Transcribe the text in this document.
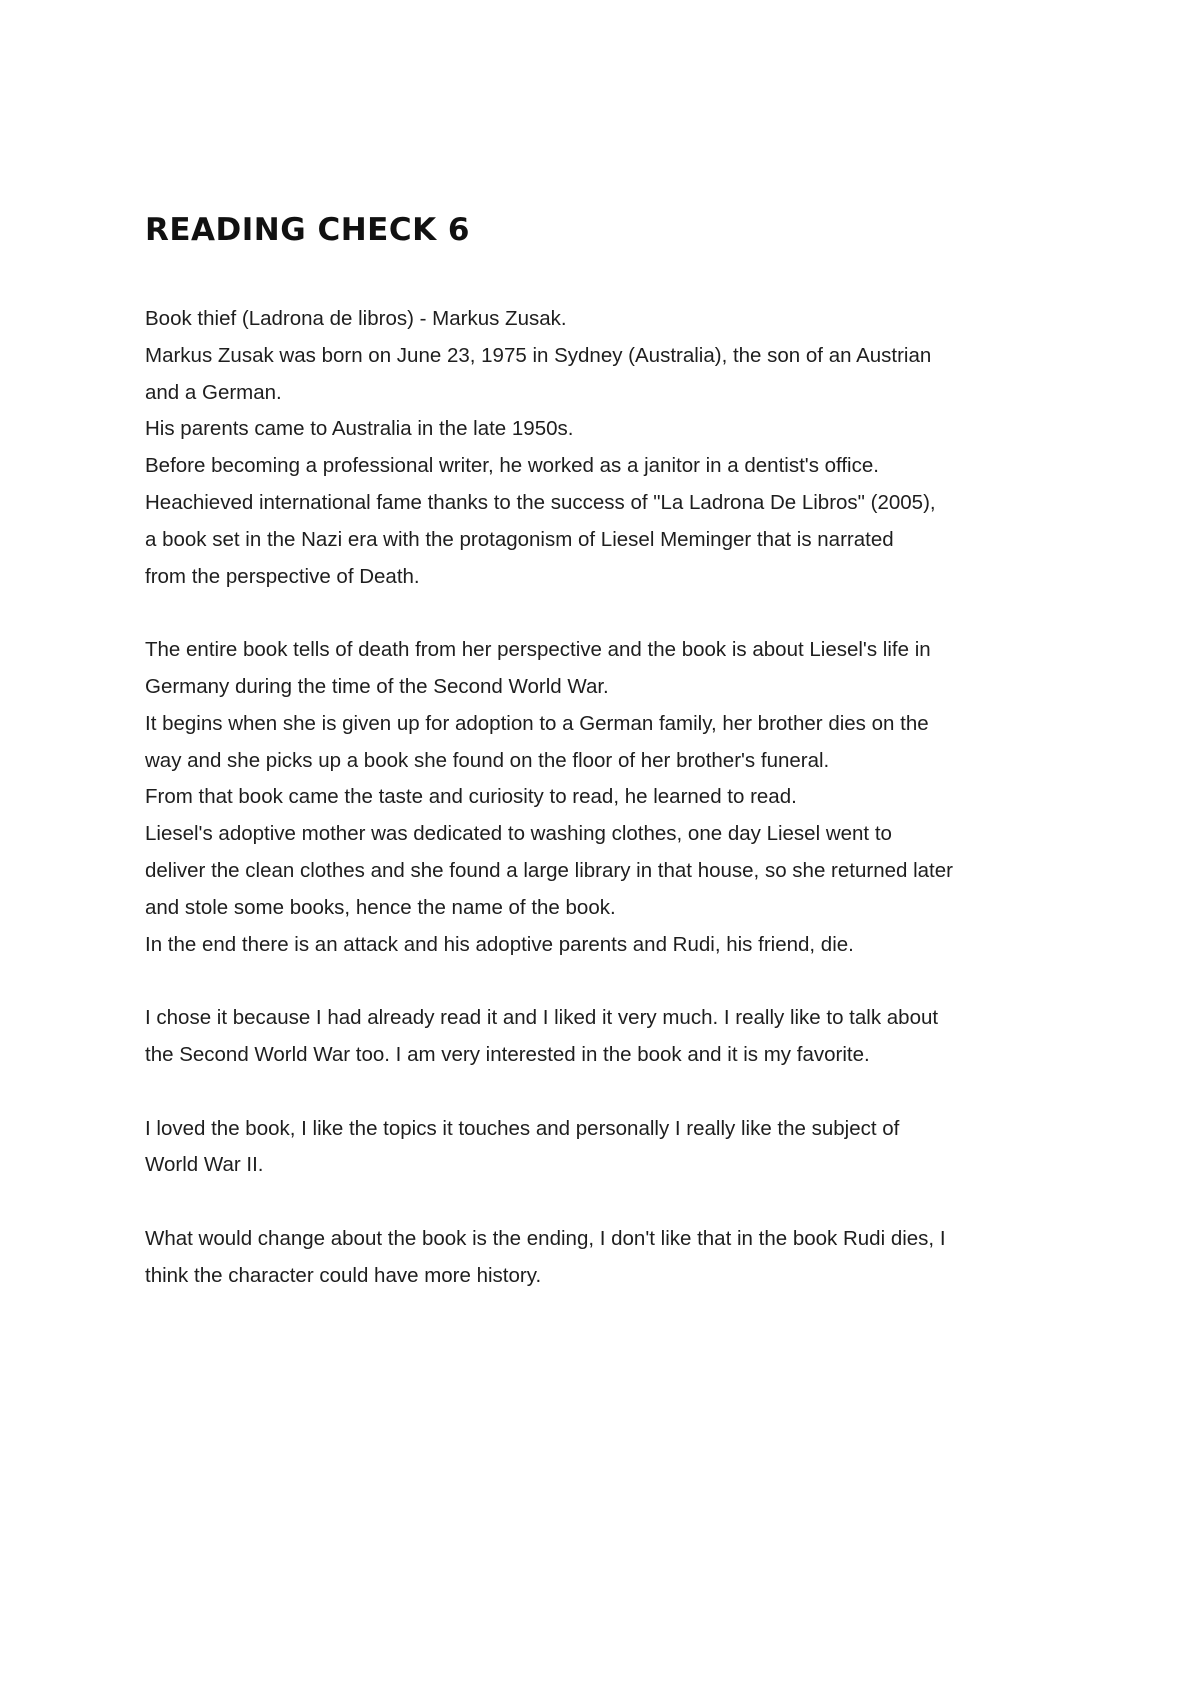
READING CHECK 6
Book thief (Ladrona de libros) - Markus Zusak.
Markus Zusak was born on June 23, 1975 in Sydney (Australia), the son of an Austrian
and a German.
His parents came to Australia in the late 1950s.
Before becoming a professional writer, he worked as a janitor in a dentist's office.
Heachieved international fame thanks to the success of "La Ladrona De Libros" (2005),
a book set in the Nazi era with the protagonism of Liesel Meminger that is narrated
from the perspective of Death.
The entire book tells of death from her perspective and the book is about Liesel's life in
Germany during the time of the Second World War.
It begins when she is given up for adoption to a German family, her brother dies on the
way and she picks up a book she found on the floor of her brother's funeral.
From that book came the taste and curiosity to read, he learned to read.
Liesel's adoptive mother was dedicated to washing clothes, one day Liesel went to
deliver the clean clothes and she found a large library in that house, so she returned later
and stole some books, hence the name of the book.
In the end there is an attack and his adoptive parents and Rudi, his friend, die.
I chose it because I had already read it and I liked it very much. I really like to talk about
the Second World War too. I am very interested in the book and it is my favorite.
I loved the book, I like the topics it touches and personally I really like the subject of
World War II.
What would change about the book is the ending, I don't like that in the book Rudi dies, I
think the character could have more history.
